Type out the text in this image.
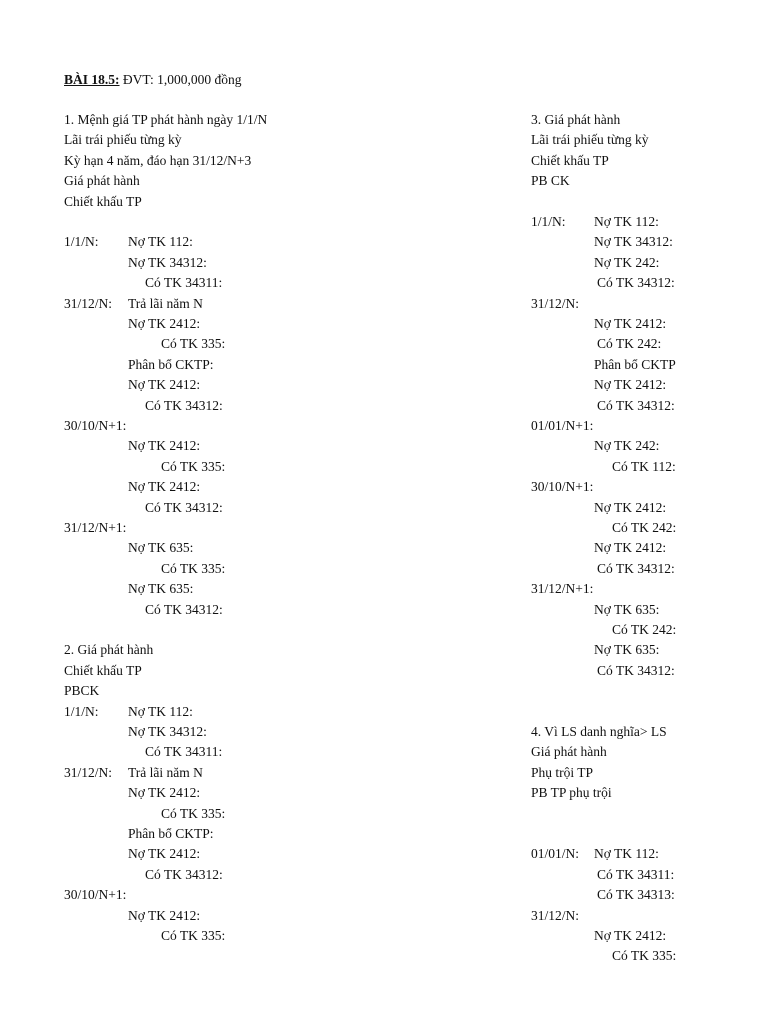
BÀI 18.5: ĐVT: 1,000,000 đồng
1. Mệnh giá TP phát hành ngày 1/1/N
Lãi trái phiếu từng kỳ
Kỳ hạn 4 năm, đáo hạn 31/12/N+3
Giá phát hành
Chiết khấu TP
1/1/N: Nợ TK 112:
Nợ TK 34312:
Có TK 34311:
31/12/N: Trả lãi năm N
Nợ TK 2412:
Có TK 335:
Phân bổ CKTP:
Nợ TK 2412:
Có TK 34312:
30/10/N+1:
Nợ TK 2412:
Có TK 335:
Nợ TK 2412:
Có TK 34312:
31/12/N+1:
Nợ TK 635:
Có TK 335:
Nợ TK 635:
Có TK 34312:
2. Giá phát hành
Chiết khấu TP
PBCK
1/1/N: Nợ TK 112:
Nợ TK 34312:
Có TK 34311:
31/12/N: Trả lãi năm N
Nợ TK 2412:
Có TK 335:
Phân bổ CKTP:
Nợ TK 2412:
Có TK 34312:
30/10/N+1:
Nợ TK 2412:
Có TK 335:
3. Giá phát hành
Lãi trái phiếu từng kỳ
Chiết khấu TP
PB CK
1/1/N: Nợ TK 112:
Nợ TK 34312:
Nợ TK 242:
Có TK 34312:
31/12/N:
Nợ TK 2412:
Có TK 242:
Phân bổ CKTP
Nợ TK 2412:
Có TK 34312:
01/01/N+1:
Nợ TK 242:
Có TK 112:
30/10/N+1:
Nợ TK 2412:
Có TK 242:
Nợ TK 2412:
Có TK 34312:
31/12/N+1:
Nợ TK 635:
Có TK 242:
Nợ TK 635:
Có TK 34312:
4. Vì LS danh nghĩa> LS
Giá phát hành
Phụ trội TP
PB TP phụ trội
01/01/N: Nợ TK 112:
Có TK 34311:
Có TK 34313:
31/12/N:
Nợ TK 2412:
Có TK 335:
